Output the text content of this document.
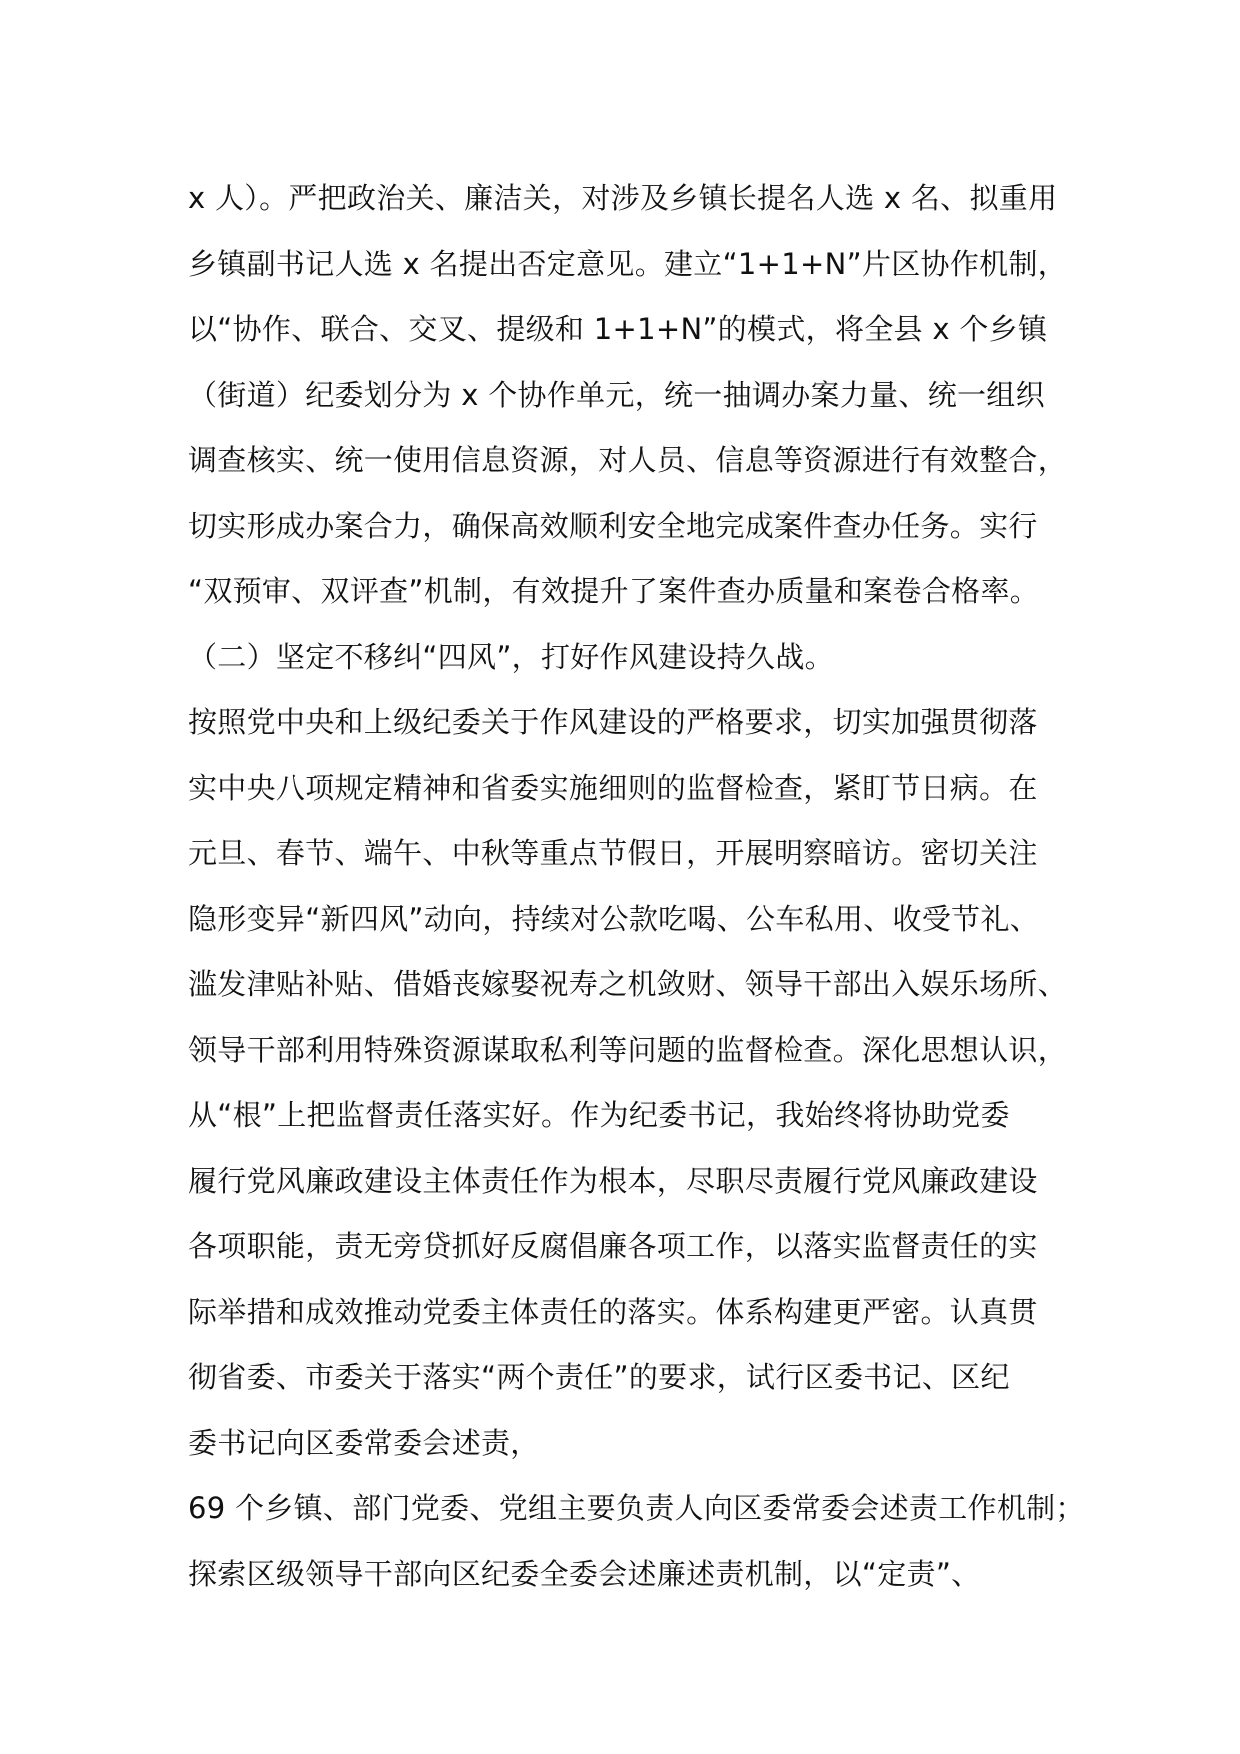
x 人）。严把政治关、廉洁关，对涉及乡镇长提名人选 x 名、拟重用
乡镇副书记人选 x 名提出否定意见。建立“1+1+N”片区协作机制，
以“协作、联合、交叉、提级和 1+1+N”的模式，将全县 x 个乡镇
（街道）纪委划分为 x 个协作单元，统一抽调办案力量、统一组织
调查核实、统一使用信息资源，对人员、信息等资源进行有效整合，
切实形成办案合力，确保高效顺利安全地完成案件查办任务。实行
“双预审、双评查”机制，有效提升了案件查办质量和案卷合格率。
（二）坚定不移纠“四风”，打好作风建设持久战。
按照党中央和上级纪委关于作风建设的严格要求，切实加强贯彻落
实中央八项规定精神和省委实施细则的监督检查，紧盯节日病。在
元旦、春节、端午、中秋等重点节假日，开展明察暗访。密切关注
隐形变异“新四风”动向，持续对公款吃喝、公车私用、收受节礼、
滥发津贴补贴、借婚丧嫁娶祝寿之机敛财、领导干部出入娱乐场所、
领导干部利用特殊资源谋取私利等问题的监督检查。深化思想认识，
从“根”上把监督责任落实好。作为纪委书记，我始终将协助党委
履行党风廉政建设主体责任作为根本，尽职尽责履行党风廉政建设
各项职能，责无旁贷抓好反腐倡廉各项工作，以落实监督责任的实
际举措和成效推动党委主体责任的落实。体系构建更严密。认真贯
彻省委、市委关于落实“两个责任”的要求，试行区委书记、区纪
委书记向区委常委会述责，
69 个乡镇、部门党委、党组主要负责人向区委常委会述责工作机制；
探索区级领导干部向区纪委全委会述廉述责机制，以“定责”、
